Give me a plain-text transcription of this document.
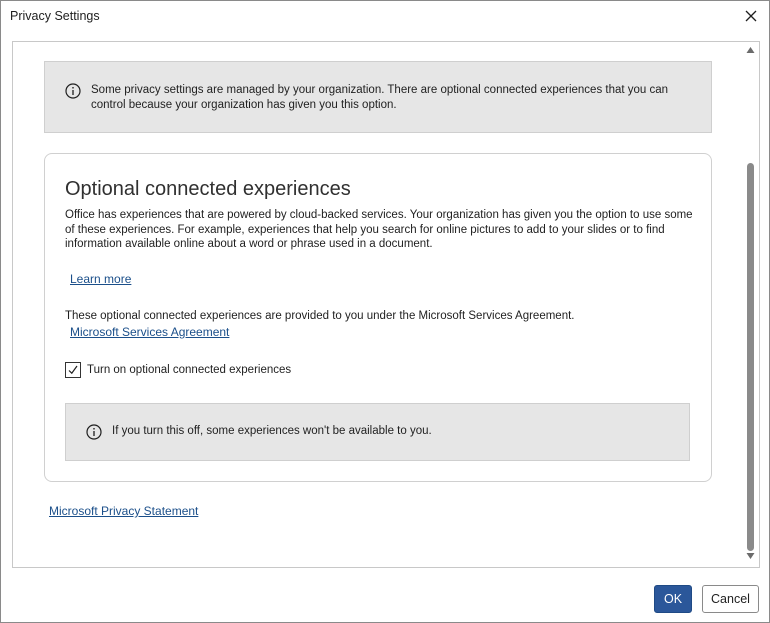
Privacy Settings
Some privacy settings are managed by your organization. There are optional connected experiences that you can control because your organization has given you this option.
Optional connected experiences
Office has experiences that are powered by cloud-backed services. Your organization has given you the option to use some of these experiences. For example, experiences that help you search for online pictures to add to your slides or to find information available online about a word or phrase used in a document.
Learn more
These optional connected experiences are provided to you under the Microsoft Services Agreement.
Microsoft Services Agreement
Turn on optional connected experiences
If you turn this off, some experiences won't be available to you.
Microsoft Privacy Statement
OK	Cancel
